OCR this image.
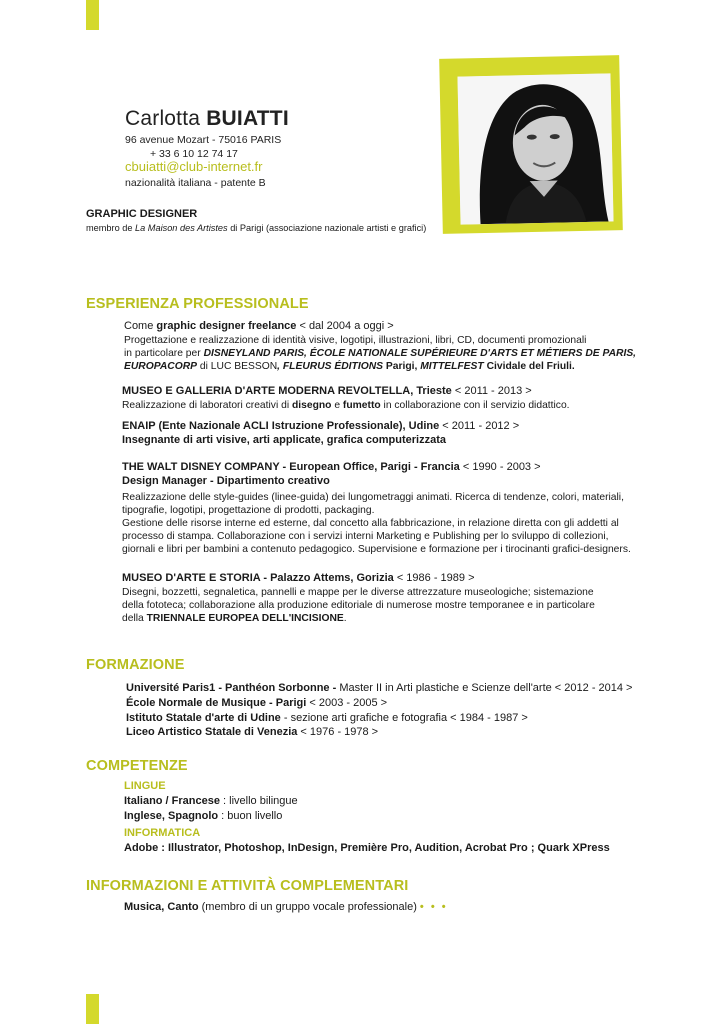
Carlotta BUIATTI
96 avenue Mozart - 75016 PARIS
+ 33 6 10 12 74 17
cbuiatti@club-internet.fr
nazionalità italiana - patente B
GRAPHIC DESIGNER
membro de La Maison des Artistes di Parigi (associazione nazionale artisti e grafici)
ESPERIENZA PROFESSIONALE
Come graphic designer freelance < dal 2004 a oggi >
Progettazione e realizzazione di identità visive, logotipi, illustrazioni, libri, CD, documenti promozionali
in particolare per DISNEYLAND PARIS, ÉCOLE NATIONALE SUPÉRIEURE D'ARTS ET MÉTIERS DE PARIS,
EUROPACORP di LUC BESSON, FLEURUS ÉDITIONS Parigi, MITTELFEST Cividale del Friuli.
MUSEO E GALLERIA D'ARTE MODERNA REVOLTELLA, Trieste < 2011 - 2013 >
Realizzazione di laboratori creativi di disegno e fumetto in collaborazione con il servizio didattico.
ENAIP (Ente Nazionale ACLI Istruzione Professionale), Udine < 2011 - 2012 >
Insegnante di arti visive, arti applicate, grafica computerizzata
THE WALT DISNEY COMPANY - European Office, Parigi - Francia < 1990 - 2003 >
Design Manager - Dipartimento creativo
Realizzazione delle style-guides (linee-guida) dei lungometraggi animati. Ricerca di tendenze, colori, materiali,
tipografie, logotipi, progettazione di prodotti, packaging.
Gestione delle risorse interne ed esterne, dal concetto alla fabbricazione, in relazione diretta con gli addetti al
processo di stampa. Collaborazione con i servizi interni Marketing e Publishing per lo sviluppo di collezioni,
giornali e libri per bambini a contenuto pedagogico. Supervisione e formazione per i tirocinanti grafici-designers.
MUSEO D'ARTE E STORIA - Palazzo Attems, Gorizia < 1986 - 1989 >
Disegni, bozzetti, segnaletica, pannelli e mappe per le diverse attrezzature museologiche; sistemazione
della fototeca; collaborazione alla produzione editoriale di numerose mostre temporanee e in particolare
della TRIENNALE EUROPEA DELL'INCISIONE.
FORMAZIONE
Université Paris1 - Panthéon Sorbonne - Master II in Arti plastiche e Scienze dell'arte < 2012 - 2014 >
École Normale de Musique - Parigi < 2003 - 2005 >
Istituto Statale d'arte di Udine - sezione arti grafiche e fotografia < 1984 - 1987 >
Liceo Artistico Statale di Venezia < 1976 - 1978 >
COMPETENZE
LINGUE
Italiano / Francese : livello bilingue
Inglese, Spagnolo : buon livello
INFORMATICA
Adobe : Illustrator, Photoshop, InDesign, Première Pro, Audition, Acrobat Pro ; Quark XPress
INFORMAZIONI E ATTIVITÀ COMPLEMENTARI
Musica, Canto (membro di un gruppo vocale professionale) • • •
